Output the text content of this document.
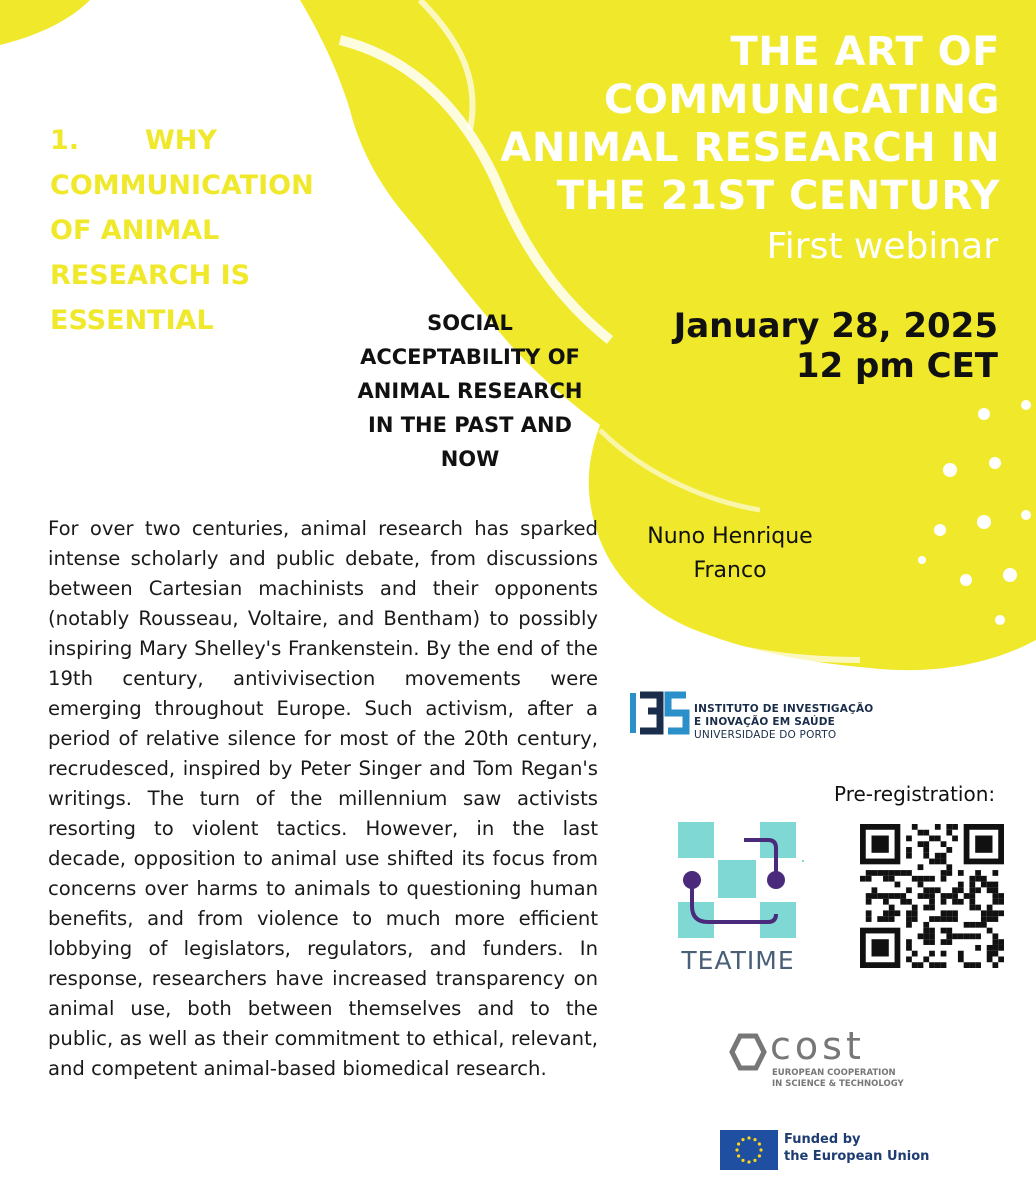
THE ART OF
COMMUNICATING
ANIMAL RESEARCH IN
THE 21ST CENTURY
First webinar
January 28, 2025
12 pm CET
1. WHY
COMMUNICATION
OF ANIMAL
RESEARCH IS
ESSENTIAL	SOCIAL
ACCEPTABILITY OF
ANIMAL RESEARCH
IN THE PAST AND
NOW
Nuno Henrique
Franco

For over two centuries, animal research has sparked intense scholarly and public debate, from discussions between Cartesian machinists and their opponents (notably Rousseau, Voltaire, and Bentham) to possibly inspiring Mary Shelley's Frankenstein. By the end of the 19th century, antivivisection movements were emerging throughout Europe. Such activism, after a period of relative silence for most of the 20th century, recrudesced, inspired by Peter Singer and Tom Regan's writings. The turn of the millennium saw activists resorting to violent tactics. However, in the last decade, opposition to animal use shifted its focus from concerns over harms to animals to questioning human benefits, and from violence to much more efficient lobbying of legislators, regulators, and funders. In response, researchers have increased transparency on animal use, both between themselves and to the public, as well as their commitment to ethical, relevant, and competent animal-based biomedical research.

INSTITUTO DE INVESTIGAÇÃO
E INOVAÇÃO EM SAÚDE
UNIVERSIDADE DO PORTO
Pre-registration:
TEATIME
cost
EUROPEAN COOPERATION
IN SCIENCE & TECHNOLOGY
Funded by
the European Union
